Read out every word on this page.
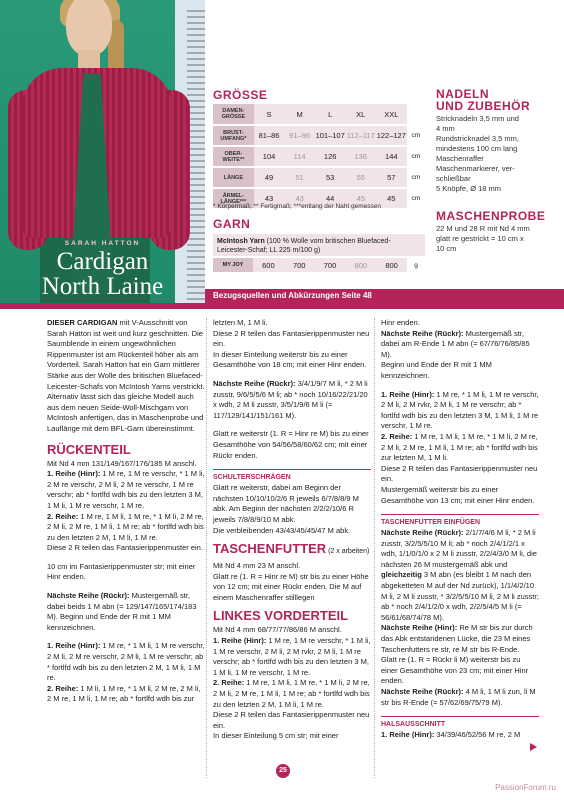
SARAH HATTON
Cardigan
North Laine	Bezugsquellen und Abkürzungen Seite 48
GRÖSSE
DAMEN-
GRÖSSE	S	M	L	XL	XXL	
BRUST-
UMFANG*	81–86	91–96	101–107	112–117	122–127	cm
OBER-
WEITE**	104	114	126	136	144	cm
LÄNGE	49	51	53	55	57	cm
ÄRMEL-
LÄNGE***	43	43	44	45	45	cm
* Körpermaß; ** Fertigmaß; ***entlang der Naht gemessen
GARN
McIntosh Yarn (100 % Wolle vom britischen Bluefaced-Leicester-Schaf; LL 225 m/100 g)
MY JOY	600	700	700	800	800	g
NADELN
UND ZUBEHÖR
Stricknadeln 3,5 mm und
4 mm
Rundstricknadel 3,5 mm,
mindestens 100 cm lang
Maschenraffer
Maschenmarkierer, ver-
schließbar
5 Knöpfe, Ø 18 mm
MASCHENPROBE
22 M und 28 R mit Nd 4 mm
glatt re gestrickt = 10 cm x
10 cm

DIESER CARDIGAN mit V-Ausschnitt von Sarah Hatton ist weit und kurz geschnitten. Die Saumblende in einem ungewöhnlichen Rippenmuster ist am Rückenteil höher als am Vorderteil. Sarah Hatton hat ein Garn mittlerer Stärke aus der Wolle des britischen Bluefaced-Leicester-Schafs von McIntosh Yarns verstrickt. Alternativ lässt sich das gleiche Modell auch aus dem neuen Seide-Woll-Mischgarn von McIntosh anfertigen, das in Maschenprobe und Lauflänge mit dem BFL-Garn übereinstimmt.

RÜCKENTEIL

Mit Nd 4 mm 131/149/167/176/185 M anschl.

1. Reihe (Hinr): 1 M re, 1 M re verschr, * 1 M li, 2 M re verschr, 2 M li, 2 M re verschr, 1 M re verschr; ab * fortlfd wdh bis zu den letzten 3 M, 1 M li, 1 M re verschr, 1 M re.

2. Reihe: 1 M re, 1 M li, 1 M re, * 1 M li, 2 M re, 2 M li, 2 M re, 1 M li, 1 M re; ab * fortlfd wdh bis zu den letzten 2 M, 1 M li, 1 M re.

Diese 2 R teilen das Fantasierippenmuster ein.

10 cm im Fantasierippenmuster str; mit einer Hinr enden.

Nächste Reihe (Rückr): Mustergemäß str, dabei beids 1 M abn (= 129/147/165/174/183 M). Beginn und Ende der R mit 1 MM kennzeichnen.

1. Reihe (Hinr): 1 M re, * 1 M li, 1 M re verschr, 2 M li, 2 M re verschr, 2 M li, 1 M re verschr; ab * fortlfd wdh bis zu den letzten 2 M, 1 M li, 1 M re.

2. Reihe: 1 M li, 1 M re, * 1 M li, 2 M re, 2 M li, 2 M re, 1 M li, 1 M re; ab * fortlfd wdh bis zur

letzten M, 1 M li.
Diese 2 R teilen das Fantasierippenmuster neu ein.
In dieser Einteilung weiterstr bis zu einer Gesamthöhe von 18 cm; mit einer Hinr enden.

Nächste Reihe (Rückr): 3/4/1/9/7 M li, * 2 M li zusstr, 9/6/5/5/6 M li; ab * noch 10/16/22/21/20 x wdh, 2 M li zusstr, 3/5/1/9/6 M li (= 117/129/141/151/161 M).

Glatt re weiterstr (1. R = Hinr re M) bis zu einer Gesamthöhe von 54/56/58/60/62 cm; mit einer Rückr enden.

SCHULTERSCHRÄGEN

Glatt re weiterstr, dabei am Beginn der nächsten 10/10/10/2/6 R jeweils 6/7/8/8/9 M abk. Am Beginn der nächsten 2/2/2/10/6 R jeweils 7/8/8/9/10 M abk.
Die verbleibenden 43/43/45/45/47 M abk.

TASCHENFUTTER (2 x arbeiten)

Mit Nd 4 mm 23 M anschl.
Glatt re (1. R = Hinr re M) str bis zu einer Höhe von 12 cm; mit einer Rückr enden. Die M auf einem Maschenraffer stilllegen

LINKES VORDERTEIL

Mit Nd 4 mm 68/77/77/86/86 M anschl.

1. Reihe (Hinr): 1 M re, 1 M re verschr, * 1 M li, 1 M re verschr, 2 M li, 2 M rvkr, 2 M li, 1 M re verschr; ab * fortlfd wdh bis zu den letzten 3 M, 1 M li, 1 M re verschr, 1 M re.

2. Reihe: 1 M re, 1 M li, 1 M re, * 1 M li, 2 M re, 2 M li, 2 M re, 1 M li, 1 M re; ab * fortlfd wdh bis zu den letzten 2 M, 1 M li, 1 M re.

Diese 2 R teilen das Fantasierippenmuster neu ein.
In dieser Einteilung 5 cm str; mit einer

Hinr enden.

Nächste Reihe (Rückr): Mustergemäß str, dabei am R-Ende 1 M abn (= 67/76/76/85/85 M).

Beginn und Ende der R mit 1 MM kennzeichnen.

1. Reihe (Hinr): 1 M re, * 1 M li, 1 M re verschr, 2 M li, 2 M rvkr, 2 M li, 1 M re verschr; ab * fortlfd wdh bis zu den letzten 3 M, 1 M li, 1 M re verschr, 1 M re.

2. Reihe: 1 M re, 1 M li, 1 M re, * 1 M li, 2 M re, 2 M li, 2 M re, 1 M li, 1 M re; ab * fortlfd wdh bis zur letzten M, 1 M li.

Diese 2 R teilen das Fantasierippenmuster neu ein.
Mustergemäß weiterstr bis zu einer Gesamthöhe von 13 cm; mit einer Hinr enden.

TASCHENFUTTER EINFÜGEN

Nächste Reihe (Rückr): 2/1/7/4/6 M li, * 2 M li zusstr, 3/2/5/5/10 M li; ab * noch 2/4/1/2/1 x wdh, 1/1/0/1/0 x 2 M li zusstr, 2/2/4/3/0 M li, die nächsten 26 M mustergemäß abk und gleichzeitig 3 M abn (es bleibt 1 M nach den abgeketteten M auf der Nd zurück), 1/1/4/2/10 M li, 2 M li zusstr, * 3/2/5/5/10 M li, 2 M li zusstr; ab * noch 2/4/1/2/0 x wdh, 2/2/5/4/5 M li (= 56/61/68/74/78 M).

Nächste Reihe (Hinr): Re M str bis zur durch das Abk entstandenen Lücke, die 23 M eines Taschenfutters re str, re M str bis R-Ende.

Glatt re (1. R = Rückr li M) weiterstr bis zu einer Gesamthöhe von 23 cm; mit einer Hinr enden.

Nächste Reihe (Rückr): 4 M li, 1 M li zun, li M str bis R-Ende (= 57/62/69/75/79 M).

HALSAUSSCHNITT

1. Reihe (Hinr): 34/39/46/52/56 M re, 2 M

25
PassionForum.ru
